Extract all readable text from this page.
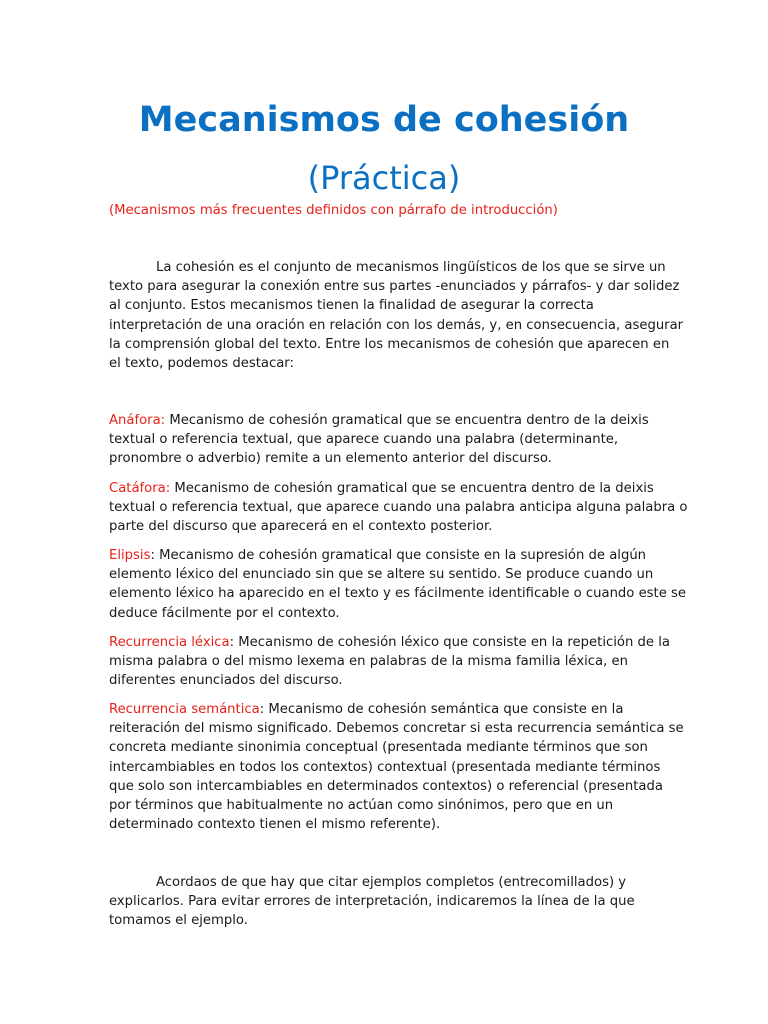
Mecanismos de cohesión
(Práctica)

(Mecanismos más frecuentes definidos con párrafo de introducción)

La cohesión es el conjunto de mecanismos lingüísticos de los que se sirve un
texto para asegurar la conexión entre sus partes -enunciados y párrafos- y dar solidez
al conjunto. Estos mecanismos tienen la finalidad de asegurar la correcta
interpretación de una oración en relación con los demás, y, en consecuencia, asegurar
la comprensión global del texto. Entre los mecanismos de cohesión que aparecen en
el texto, podemos destacar:

Anáfora: Mecanismo de cohesión gramatical que se encuentra dentro de la deixis
textual o referencia textual, que aparece cuando una palabra (determinante,
pronombre o adverbio) remite a un elemento anterior del discurso.

Catáfora: Mecanismo de cohesión gramatical que se encuentra dentro de la deixis
textual o referencia textual, que aparece cuando una palabra anticipa alguna palabra o
parte del discurso que aparecerá en el contexto posterior.

Elipsis: Mecanismo de cohesión gramatical que consiste en la supresión de algún
elemento léxico del enunciado sin que se altere su sentido. Se produce cuando un
elemento léxico ha aparecido en el texto y es fácilmente identificable o cuando este se
deduce fácilmente por el contexto.

Recurrencia léxica: Mecanismo de cohesión léxico que consiste en la repetición de la
misma palabra o del mismo lexema en palabras de la misma familia léxica, en
diferentes enunciados del discurso.

Recurrencia semántica: Mecanismo de cohesión semántica que consiste en la
reiteración del mismo significado. Debemos concretar si esta recurrencia semántica se
concreta mediante sinonimia conceptual (presentada mediante términos que son
intercambiables en todos los contextos) contextual (presentada mediante términos
que solo son intercambiables en determinados contextos) o referencial (presentada
por términos que habitualmente no actúan como sinónimos, pero que en un
determinado contexto tienen el mismo referente).

Acordaos de que hay que citar ejemplos completos (entrecomillados) y
explicarlos. Para evitar errores de interpretación, indicaremos la línea de la que
tomamos el ejemplo.
